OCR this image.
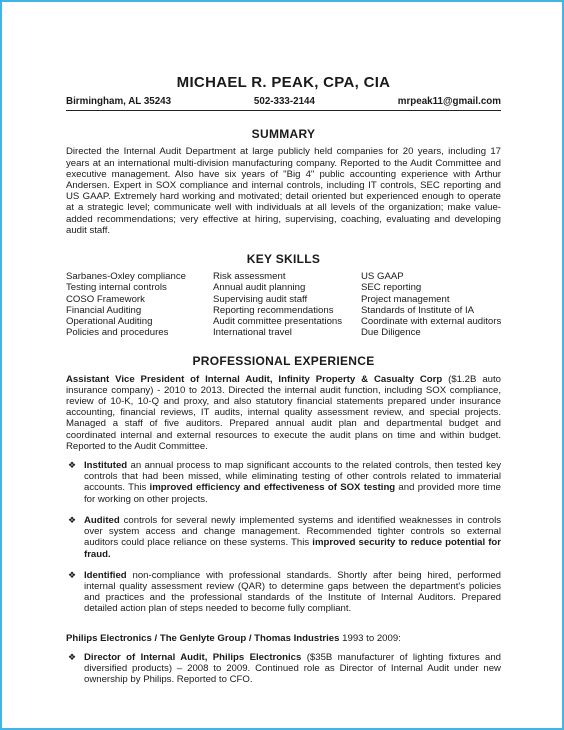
MICHAEL R. PEAK, CPA, CIA
Birmingham, AL 35243	502-333-2144	mrpeak11@gmail.com
SUMMARY

Directed the Internal Audit Department at large publicly held companies for 20 years, including 17 years at an international multi-division manufacturing company. Reported to the Audit Committee and executive management. Also have six years of "Big 4" public accounting experience with Arthur Andersen. Expert in SOX compliance and internal controls, including IT controls, SEC reporting and US GAAP. Extremely hard working and motivated; detail oriented but experienced enough to operate at a strategic level; communicate well with individuals at all levels of the organization; make value-added recommendations; very effective at hiring, supervising, coaching, evaluating and developing audit staff.

KEY SKILLS
Sarbanes-Oxley compliance	Risk assessment	US GAAP
Testing internal controls	Annual audit planning	SEC reporting
COSO Framework	Supervising audit staff	Project management
Financial Auditing	Reporting recommendations	Standards of Institute of IA
Operational Auditing	Audit committee presentations	Coordinate with external auditors
Policies and procedures	International travel	Due Diligence
PROFESSIONAL EXPERIENCE

Assistant Vice President of Internal Audit, Infinity Property & Casualty Corp ($1.2B auto insurance company) - 2010 to 2013. Directed the internal audit function, including SOX compliance, review of 10-K, 10-Q and proxy, and also statutory financial statements prepared under insurance accounting, financial reviews, IT audits, internal quality assessment review, and special projects. Managed a staff of five auditors. Prepared annual audit plan and departmental budget and coordinated internal and external resources to execute the audit plans on time and within budget. Reported to the Audit Committee.

❖ Instituted an annual process to map significant accounts to the related controls, then tested key controls that had been missed, while eliminating testing of other controls related to immaterial accounts. This improved efficiency and effectiveness of SOX testing and provided more time for working on other projects.
❖ Audited controls for several newly implemented systems and identified weaknesses in controls over system access and change management. Recommended tighter controls so external auditors could place reliance on these systems. This improved security to reduce potential for fraud.
❖ Identified non-compliance with professional standards. Shortly after being hired, performed internal quality assessment review (QAR) to determine gaps between the department's policies and practices and the professional standards of the Institute of Internal Auditors. Prepared detailed action plan of steps needed to become fully compliant.
Philips Electronics / The Genlyte Group / Thomas Industries 1993 to 2009:
❖ Director of Internal Audit, Philips Electronics ($35B manufacturer of lighting fixtures and diversified products) – 2008 to 2009. Continued role as Director of Internal Audit under new ownership by Philips. Reported to CFO.
